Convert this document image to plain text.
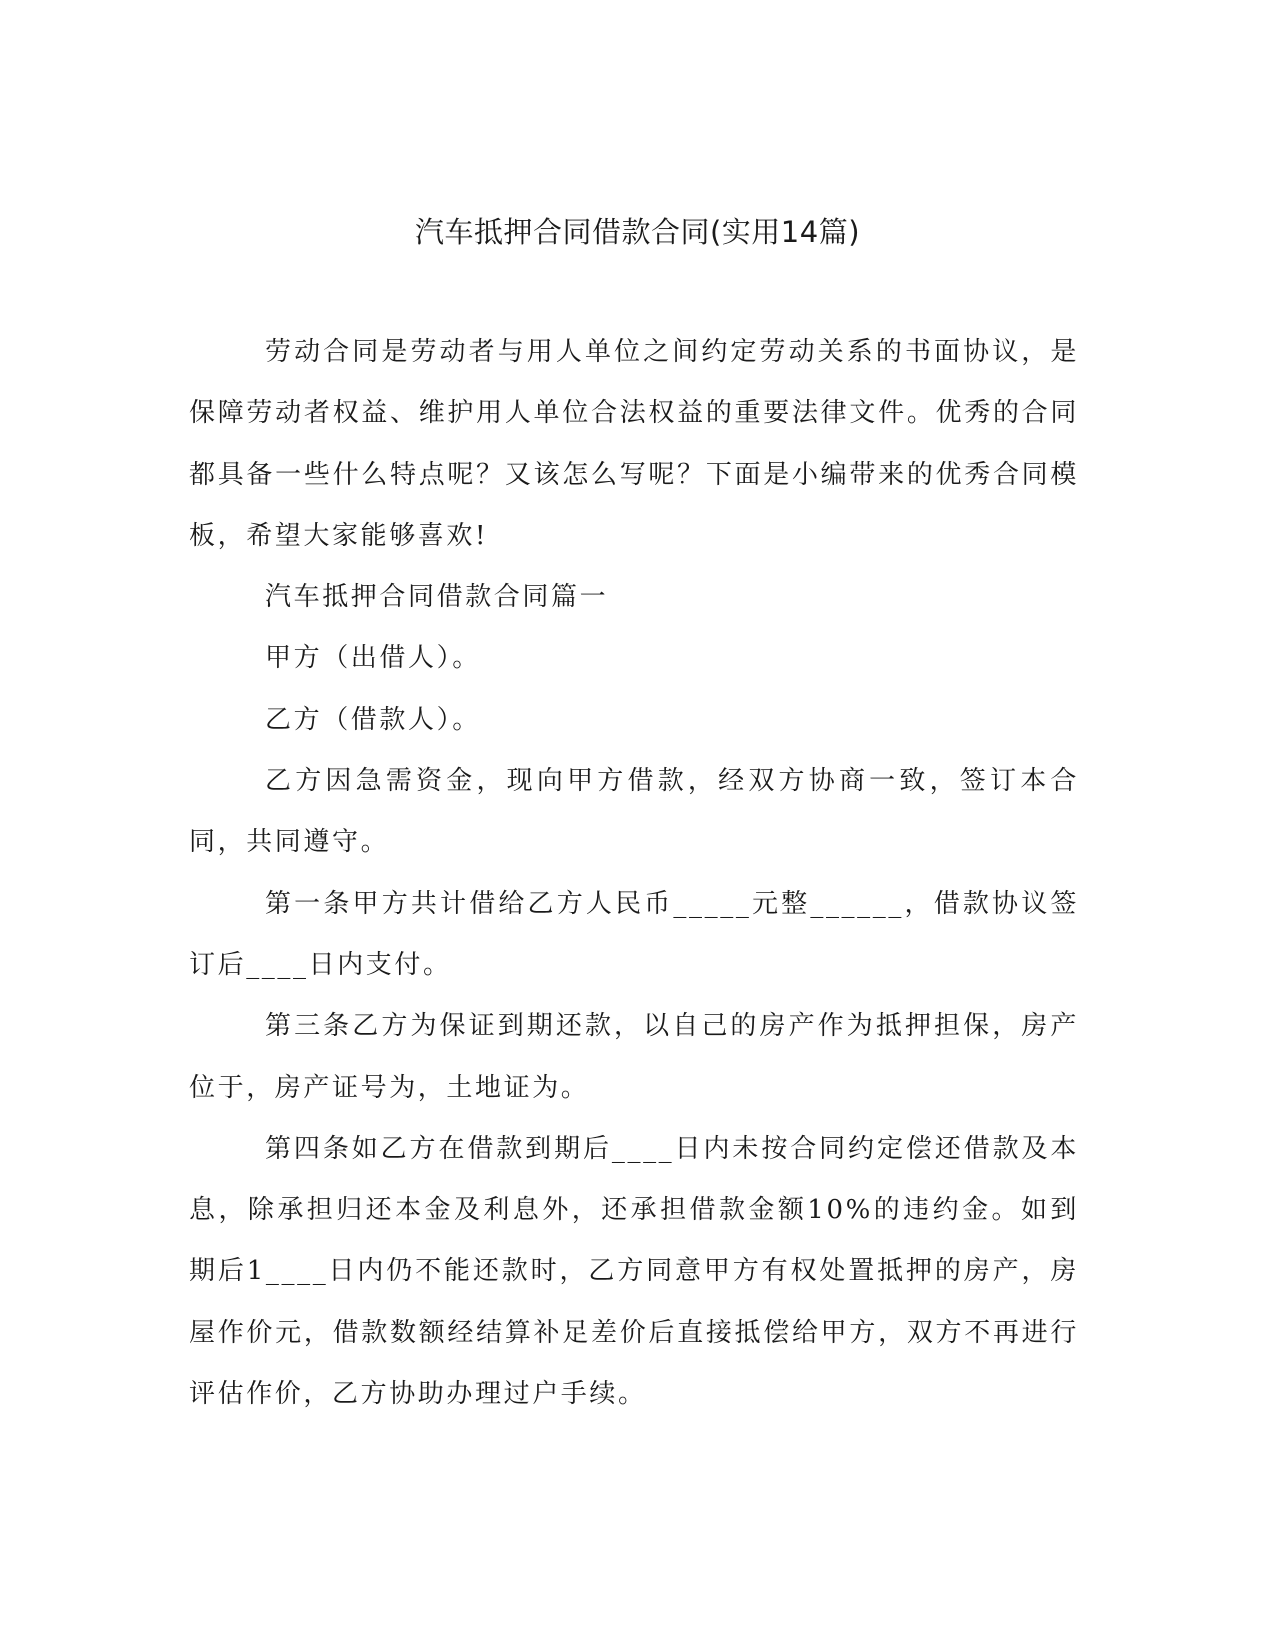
汽车抵押合同借款合同(实用14篇)

劳动合同是劳动者与用人单位之间约定劳动关系的书面协议，是保障劳动者权益、维护用人单位合法权益的重要法律文件。优秀的合同都具备一些什么特点呢？又该怎么写呢？下面是小编带来的优秀合同模板，希望大家能够喜欢!

汽车抵押合同借款合同篇一

甲方（出借人）。

乙方（借款人）。

乙方因急需资金，现向甲方借款，经双方协商一致，签订本合同，共同遵守。

第一条甲方共计借给乙方人民币_____元整______，借款协议签订后____日内支付。

第三条乙方为保证到期还款，以自己的房产作为抵押担保，房产位于，房产证号为，土地证为。

第四条如乙方在借款到期后____日内未按合同约定偿还借款及本息，除承担归还本金及利息外，还承担借款金额10%的违约金。如到期后1____日内仍不能还款时，乙方同意甲方有权处置抵押的房产，房屋作价元，借款数额经结算补足差价后直接抵偿给甲方，双方不再进行评估作价，乙方协助办理过户手续。
